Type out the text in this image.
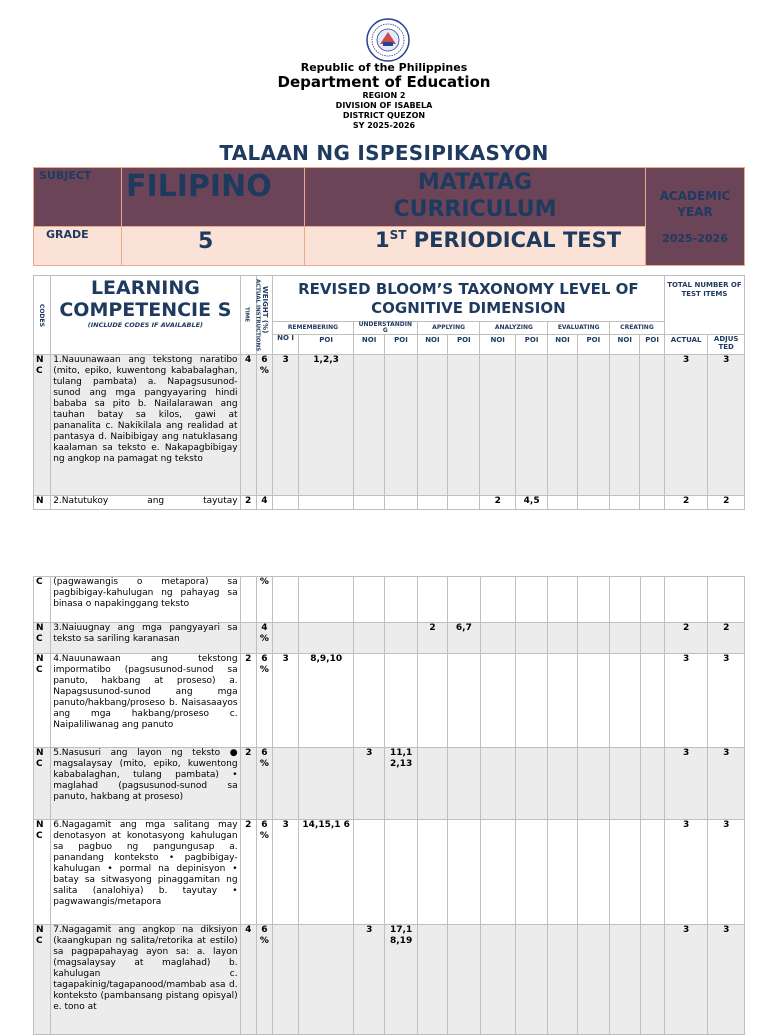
Republic of the Philippines
Department of Education
REGION 2
DIVISION OF ISABELA
DISTRICT QUEZON
SY 2025-2026
TALAAN NG ISPESIPIKASYON
SUBJECT	FILIPINO	MATATAG CURRICULUM
ACADEMIC YEAR
2025-2026
GRADE	5	1ST PERIODICAL TEST
CODES	LEARNING COMPETENCIE S
(INCLUDE CODES IF AVAILABLE)	ACTUAL INSTRUCTIONS TIME	WEIGHT (%)	REVISED BLOOM’S TAXONOMY LEVEL OF COGNITIVE DIMENSION												TOTAL NUMBER OF TEST ITEMS	
				REMEMBERING		UNDERSTANDIN G		APPLYING		ANALYZING		EVALUATING		CREATING			
				NO I	POI	NOI	POI	NOI	POI	NOI	POI	NOI	POI	NOI	POI	ACTUAL	ADJUS TED
N C	1.Nauunawaan ang tekstong naratibo (mito, epiko, kuwentong kababalaghan, tulang pambata) a. Napagsusunod- sunod ang mga pangyayaring hindi bababa sa pito b. Nailalarawan ang tauhan batay sa kilos, gawi at pananalita c. Nakikilala ang realidad at pantasya d. Naibibigay ang natuklasang kaalaman sa teksto e. Nakapagbibigay ng angkop na pamagat ng teksto	4	6 %	3	1,2,3											3	3
N	2.Natutukoy ang tayutay	2	4							2	4,5					2	2
C	(pagwawangis o metapora) sa pagbibigay-kahulugan ng pahayag sa binasa o napakinggang teksto		%														
N C	3.Naiuugnay ang mga pangyayari sa teksto sa sariling karanasan		4 %					2	6,7							2	2
N C	4.Nauunawaan ang tekstong impormatibo (pagsusunod-sunod sa panuto, hakbang at proseso) a. Napagsusunod-sunod ang mga panuto/hakbang/proseso b. Naisasaayos ang mga hakbang/proseso c. Naipaliliwanag ang panuto	2	6 %	3	8,9,10											3	3
N C	5.Nasusuri ang layon ng teksto ● magsalaysay (mito, epiko, kuwentong kababalaghan, tulang pambata) • maglahad (pagsusunod-sunod sa panuto, hakbang at proseso)	2	6 %			3	11,1 2,13									3	3
N C	6.Nagagamit ang mga salitang may denotasyon at konotasyong kahulugan sa pagbuo ng pangungusap a. panandang konteksto • pagbibigay-kahulugan • pormal na depinisyon • batay sa sitwasyong pinaggamitan ng salita (analohiya) b. tayutay • pagwawangis/metapora	2	6 %	3	14,15,1 6											3	3
N C	7.Nagagamit ang angkop na diksiyon (kaangkupan ng salita/retorika at estilo) sa pagpapahayag ayon sa: a. layon (magsalaysay at maglahad) b. kahulugan c. tagapakinig/tagapanood/mambab asa d. konteksto (pambansang pistang opisyal) e. tono at	4	6 %			3	17,1 8,19									3	3
